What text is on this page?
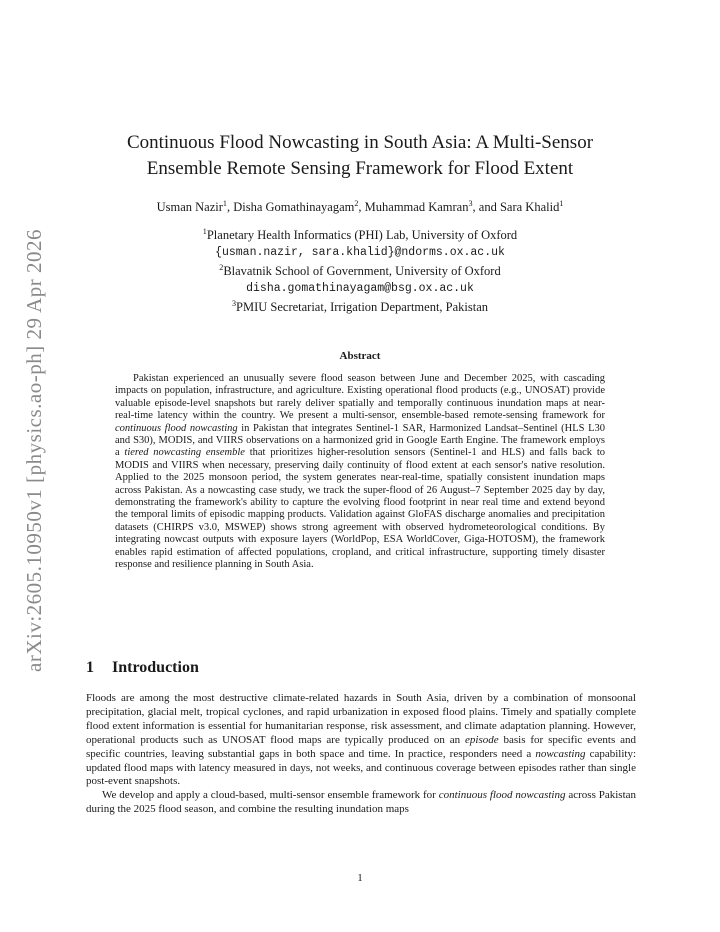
arXiv:2605.10950v1 [physics.ao-ph] 29 Apr 2026
Continuous Flood Nowcasting in South Asia: A Multi-Sensor
Ensemble Remote Sensing Framework for Flood Extent
Usman Nazir$^1$, Disha Gomathinayagam$^2$, Muhammad Kamran$^3$, and Sara Khalid$^1$
$^1$Planetary Health Informatics (PHI) Lab, University of Oxford
{usman.nazir, sara.khalid}@ndorms.ox.ac.uk
$^2$Blavatnik School of Government, University of Oxford
disha.gomathinayagam@bsg.ox.ac.uk
$^3$PMIU Secretariat, Irrigation Department, Pakistan
Abstract
Pakistan experienced an unusually severe flood season between June and December 2025, with cascading impacts on population, infrastructure, and agriculture. Existing operational flood products (e.g., UNOSAT) provide valuable episode-level snapshots but rarely deliver spatially and temporally continuous inundation maps at near-real-time latency within the country. We present a multi-sensor, ensemble-based remote-sensing framework for continuous flood nowcasting in Pakistan that integrates Sentinel-1 SAR, Harmonized Landsat–Sentinel (HLS L30 and S30), MODIS, and VIIRS observations on a harmonized grid in Google Earth Engine. The framework employs a tiered nowcasting ensemble that prioritizes higher-resolution sensors (Sentinel-1 and HLS) and falls back to MODIS and VIIRS when necessary, preserving daily continuity of flood extent at each sensor's native resolution. Applied to the 2025 monsoon period, the system generates near-real-time, spatially consistent inundation maps across Pakistan. As a nowcasting case study, we track the super-flood of 26 August–7 September 2025 day by day, demonstrating the framework's ability to capture the evolving flood footprint in near real time and extend beyond the temporal limits of episodic mapping products. Validation against GloFAS discharge anomalies and precipitation datasets (CHIRPS v3.0, MSWEP) shows strong agreement with observed hydrometeorological conditions. By integrating nowcast outputs with exposure layers (WorldPop, ESA WorldCover, Giga-HOTOSM), the framework enables rapid estimation of affected populations, cropland, and critical infrastructure, supporting timely disaster response and resilience planning in South Asia.
1 Introduction

Floods are among the most destructive climate-related hazards in South Asia, driven by a combination of monsoonal precipitation, glacial melt, tropical cyclones, and rapid urbanization in exposed flood plains. Timely and spatially complete flood extent information is essential for humanitarian response, risk assessment, and climate adaptation planning. However, operational products such as UNOSAT flood maps are typically produced on an episode basis for specific events and specific countries, leaving substantial gaps in both space and time. In practice, responders need a nowcasting capability: updated flood maps with latency measured in days, not weeks, and continuous coverage between episodes rather than single post-event snapshots.

We develop and apply a cloud-based, multi-sensor ensemble framework for continuous flood nowcasting across Pakistan during the 2025 flood season, and combine the resulting inundation maps

1
